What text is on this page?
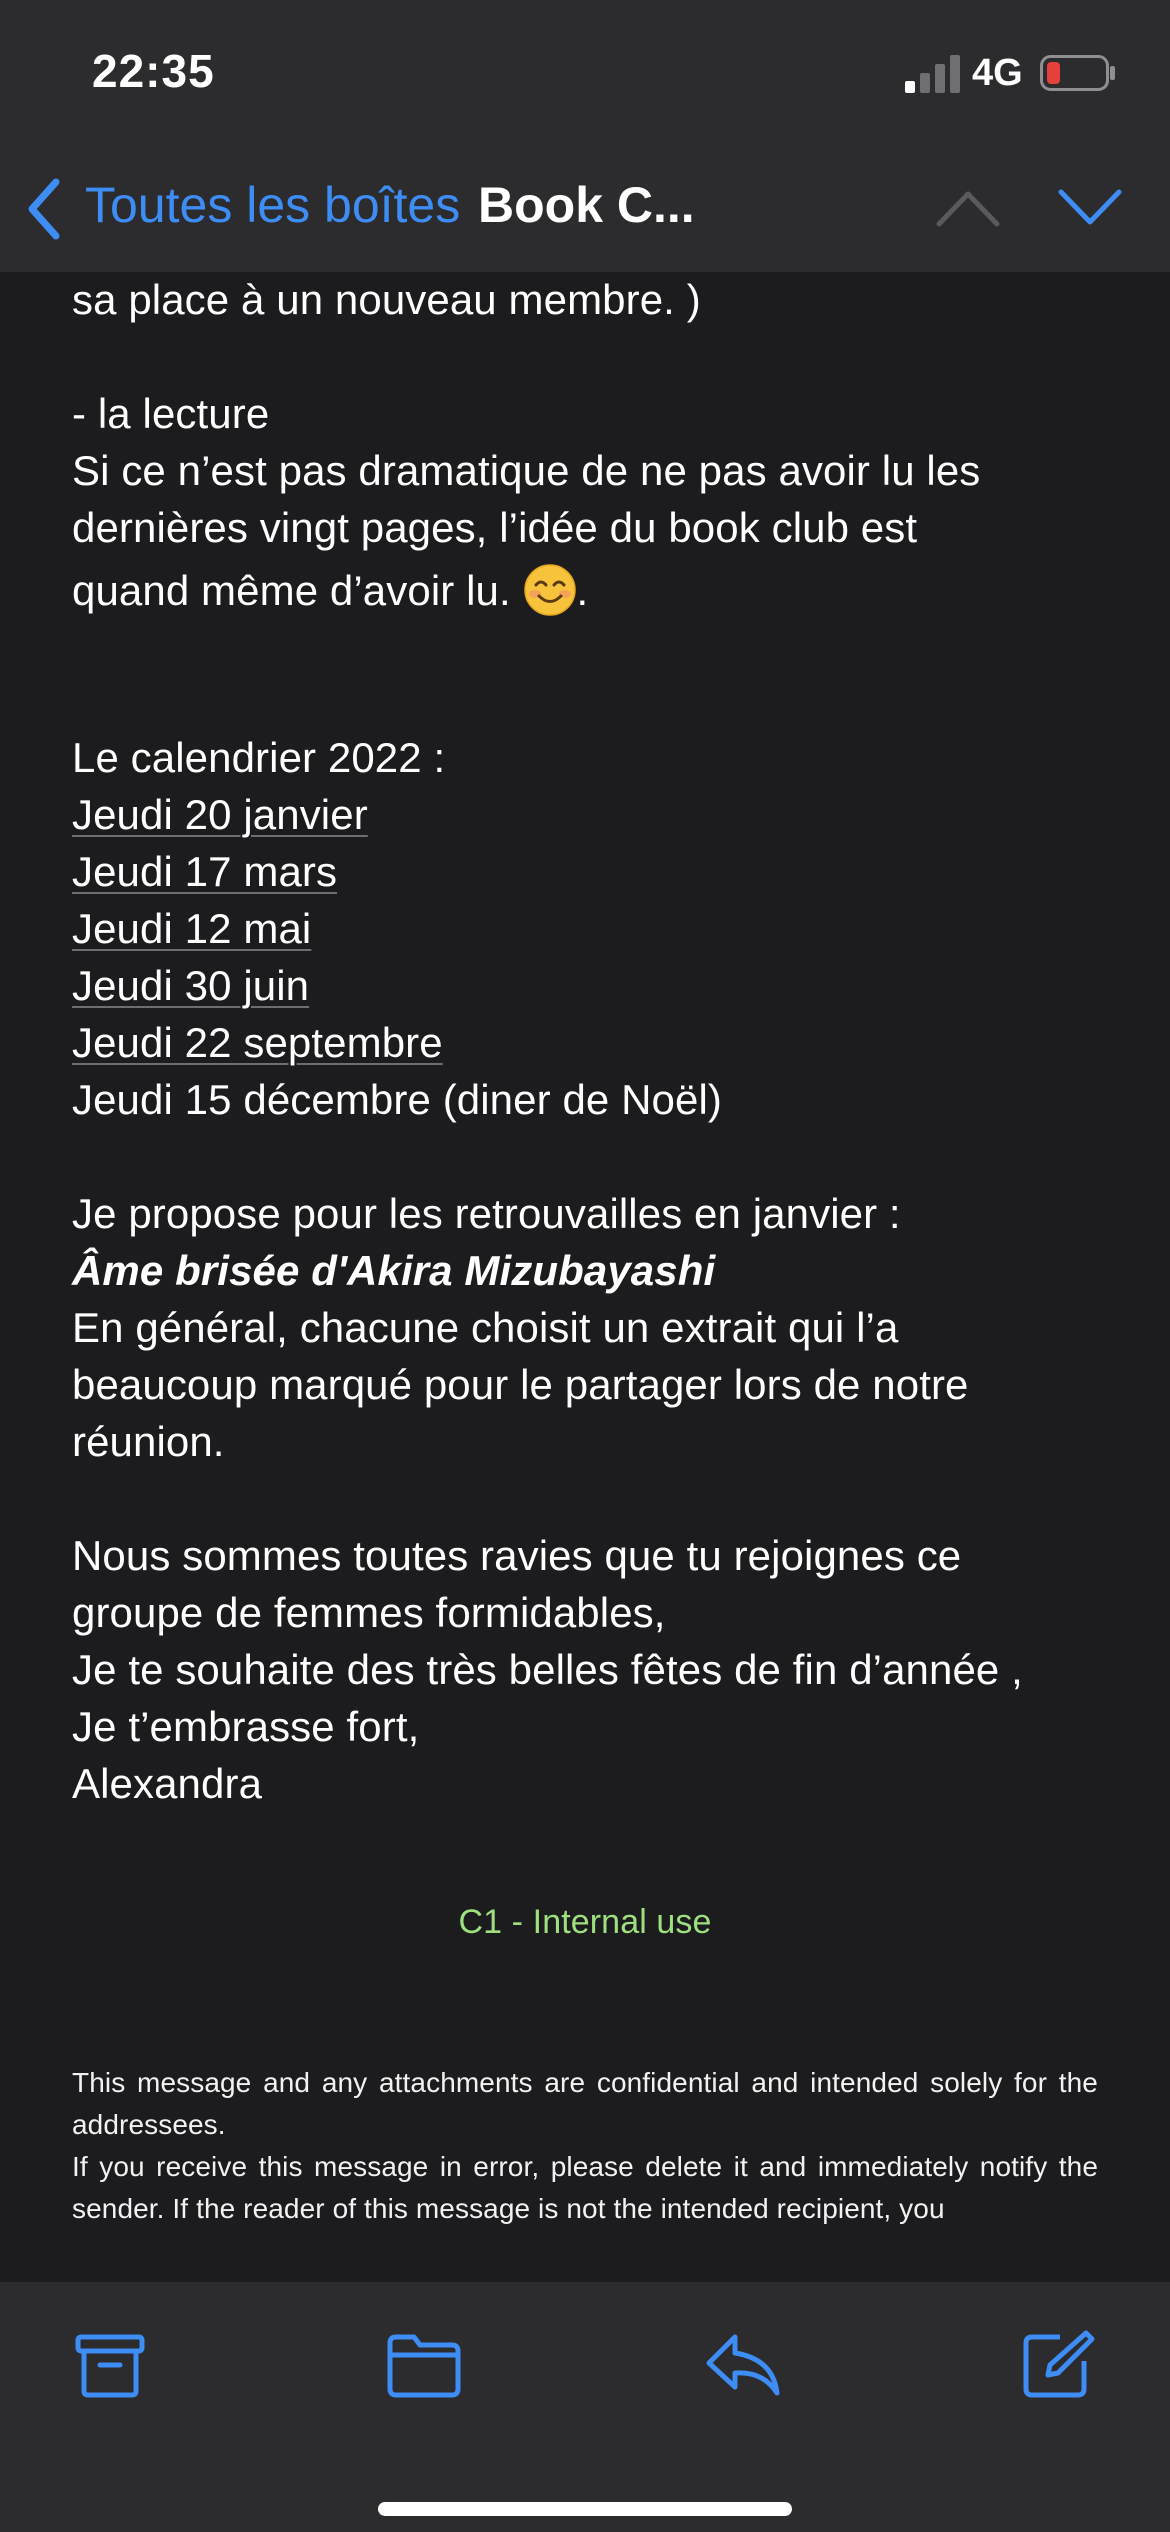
sa place à un nouveau membre. )
- la lecture
Si ce n’est pas dramatique de ne pas avoir lu les
dernières vingt pages, l’idée du book club est
quand même d’avoir lu. .
Le calendrier 2022 :
Jeudi 20 janvier
Jeudi 17 mars
Jeudi 12 mai
Jeudi 30 juin
Jeudi 22 septembre
Jeudi 15 décembre (diner de Noël)
Je propose pour les retrouvailles en janvier :
Âme brisée d'Akira Mizubayashi
En général, chacune choisit un extrait qui l’a
beaucoup marqué pour le partager lors de notre
réunion.
Nous sommes toutes ravies que tu rejoignes ce
groupe de femmes formidables,
Je te souhaite des très belles fêtes de fin d’année ,
Je t’embrasse fort,
Alexandra
C1 - Internal use
This message and any attachments are confidential and intended solely for the addressees.
If you receive this message in error, please delete it and immediately notify the sender. If the reader of this message is not the intended recipient, you
22:35	4G
Toutes les boîtes Book C...
